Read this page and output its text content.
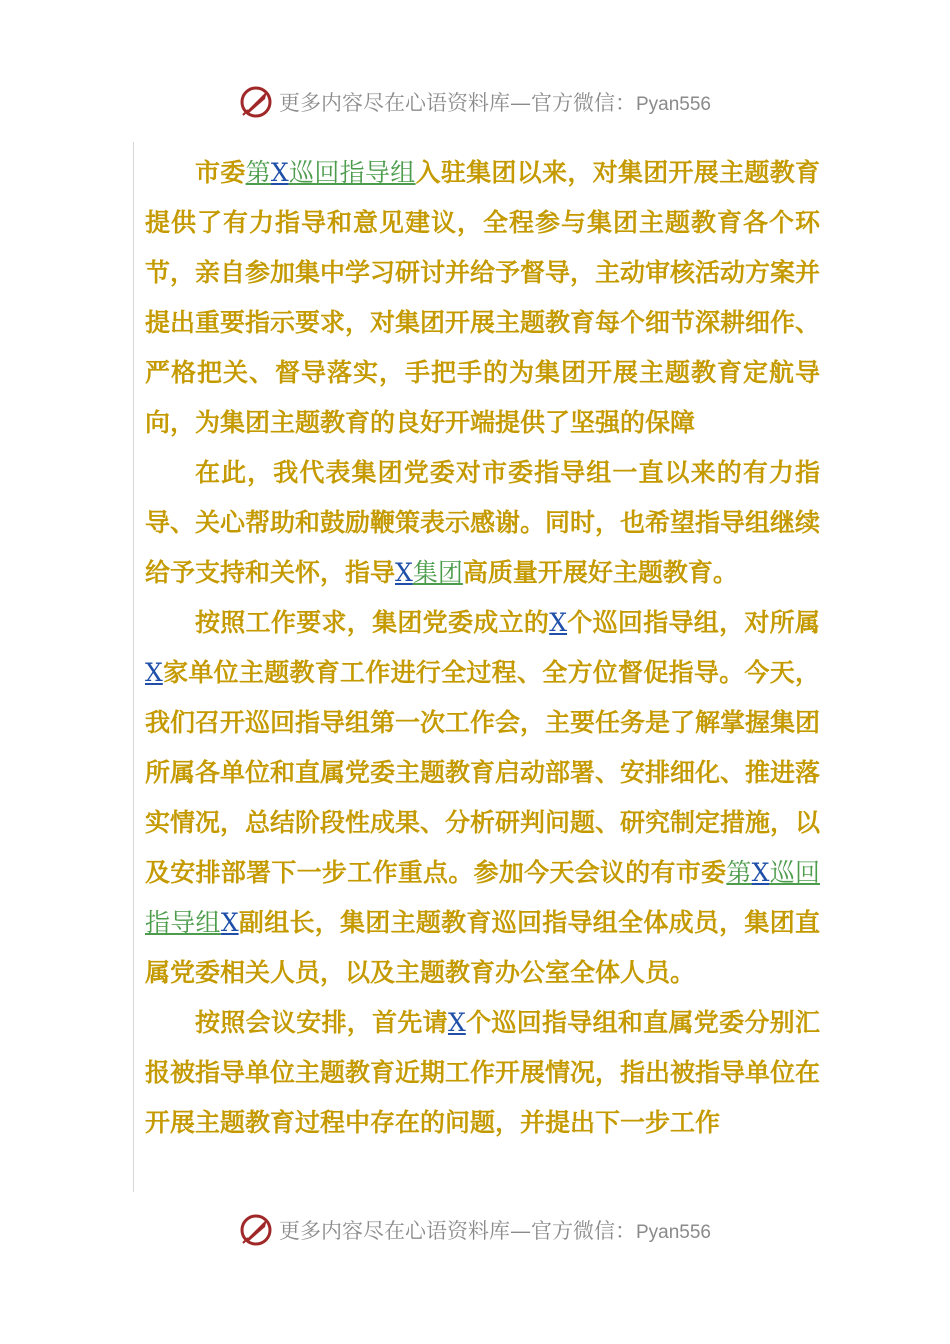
更多内容尽在心语资料库—官方微信：Pyan556

市委第X巡回指导组入驻集团以来，对集团开展主题教育提供了有力指导和意见建议，全程参与集团主题教育各个环节，亲自参加集中学习研讨并给予督导，主动审核活动方案并提出重要指示要求，对集团开展主题教育每个细节深耕细作、严格把关、督导落实，手把手的为集团开展主题教育定航导向，为集团主题教育的良好开端提供了坚强的保障

在此，我代表集团党委对市委指导组一直以来的有力指导、关心帮助和鼓励鞭策表示感谢。同时，也希望指导组继续给予支持和关怀，指导X集团高质量开展好主题教育。

按照工作要求，集团党委成立的X个巡回指导组，对所属X家单位主题教育工作进行全过程、全方位督促指导。今天，我们召开巡回指导组第一次工作会，主要任务是了解掌握集团所属各单位和直属党委主题教育启动部署、安排细化、推进落实情况，总结阶段性成果、分析研判问题、研究制定措施，以及安排部署下一步工作重点。参加今天会议的有市委第X巡回指导组X副组长，集团主题教育巡回指导组全体成员，集团直属党委相关人员，以及主题教育办公室全体人员。

按照会议安排，首先请X个巡回指导组和直属党委分别汇报被指导单位主题教育近期工作开展情况，指出被指导单位在开展主题教育过程中存在的问题，并提出下一步工作

更多内容尽在心语资料库—官方微信：Pyan556
